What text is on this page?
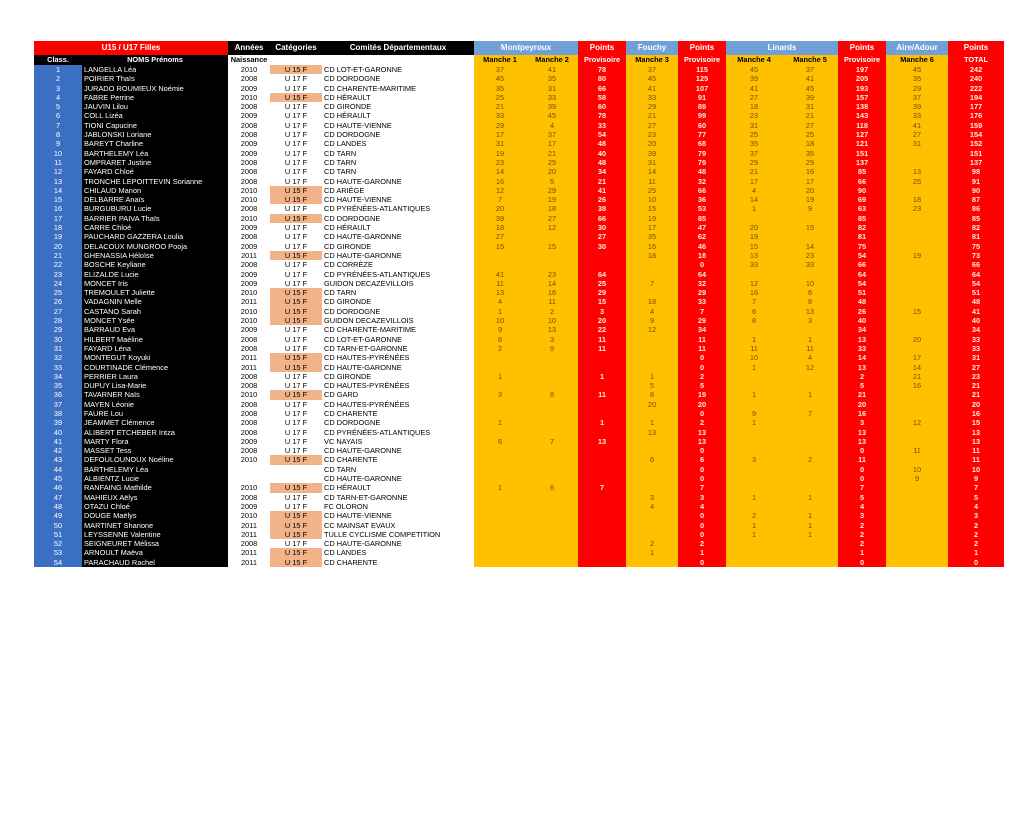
U15 / U17 Filles		Années	Catégories	Comités Départementaux	Montpeyroux		Points	Fouchy	Points	Linards		Points	Aire/Adour	Points
Class.	NOMS Prénoms	Naissance			Manche 1	Manche 2	Provisoire	Manche 3	Provisoire	Manche 4	Manche 5	Provisoire	Manche 6	TOTAL
1	LANGELLA Léa	2010	U 15 F	CD LOT-ET-GARONNE	37	41	78	37	115	45	37	197	45	242
2	POIRIER Thaïs	2008	U 17 F	CD DORDOGNE	45	35	80	45	125	39	41	205	35	240
3	JURADO ROUMIEUX Noémie	2009	U 17 F	CD CHARENTE-MARITIME	35	31	66	41	107	41	45	193	29	222
4	FABRE Perrine	2010	U 15 F	CD HÉRAULT	25	33	58	33	91	27	39	157	37	194
5	JAUVIN Lilou	2008	U 17 F	CD GIRONDE	21	39	60	29	89	18	31	138	39	177
6	COLL Lizéa	2009	U 17 F	CD HÉRAULT	33	45	78	21	99	23	21	143	33	176
7	TIONI Capucine	2008	U 17 F	CD HAUTE-VIENNE	29	4	33	27	60	31	27	118	41	159
8	JABLONSKI Loriane	2008	U 17 F	CD DORDOGNE	17	37	54	23	77	25	25	127	27	154
9	BAREYT Charline	2009	U 17 F	CD LANDES	31	17	48	20	68	35	18	121	31	152
10	BARTHELEMY Léa	2009	U 17 F	CD TARN	19	21	40	39	79	37	35	151		151
11	OMPRARET Justine	2008	U 17 F	CD TARN	23	25	48	31	79	29	29	137		137
12	FAYARD Chloé	2008	U 17 F	CD TARN	14	20	34	14	48	21	16	85	13	98
13	TRONCHE LEPOITTEVIN Sorianne	2008	U 17 F	CD HAUTE-GARONNE	16	5	21	11	32	17	17	66	25	91
14	CHILAUD Manon	2010	U 15 F	CD ARIÈGE	12	29	41	25	66	4	20	90		90
15	DELBARRE Anaïs	2010	U 15 F	CD HAUTE-VIENNE	7	19	26	10	36	14	19	69	18	87
16	BURGUBURU Lucie	2008	U 17 F	CD PYRÉNÉES-ATLANTIQUES	20	18	38	15	53	1	9	63	23	86
17	BARRIER PAIVA Thaïs	2010	U 15 F	CD DORDOGNE	39	27	66	19	85			85		85
18	CARRE Chloé	2009	U 17 F	CD HÉRAULT	18	12	30	17	47	20	15	82		82
19	PAUCHARD GAZZERA Loulia	2008	U 17 F	CD HAUTE-GARONNE	27		27	35	62	19		81		81
20	DELACOUX MUNGROO Pooja	2009	U 17 F	CD GIRONDE	15	15	30	16	46	15	14	75		75
21	GHENASSIA Héloïse	2011	U 15 F	CD HAUTE-GARONNE				18	18	13	23	54	19	73
22	BOSCHE Keyliane	2008	U 17 F	CD CORRÈZE					0	33	33	66		66
23	ELIZALDE Lucie	2009	U 17 F	CD PYRÉNÉES-ATLANTIQUES	41	23	64		64			64		64
24	MONCET Iris	2009	U 17 F	GUIDON DECAZEVILLOIS	11	14	25	7	32	12	10	54		54
25	TREMOULET Juliette	2010	U 15 F	CD TARN	13	16	29		29	16	6	51		51
26	VADAGNIN Melle	2011	U 15 F	CD GIRONDE	4	11	15	18	33	7	8	48		48
27	CASTANO Sarah	2010	U 15 F	CD DORDOGNE	1	2	3	4	7	6	13	26	15	41
28	MONCET Ysée	2010	U 15 F	GUIDON DECAZEVILLOIS	10	10	20	9	29	8	3	40		40
29	BARRAUD Eva	2009	U 17 F	CD CHARENTE-MARITIME	9	13	22	12	34			34		34
30	HILBERT Maéline	2008	U 17 F	CD LOT-ET-GARONNE	8	3	11		11	1	1	13	20	33
31	FAYARD Léna	2008	U 17 F	CD TARN-ET-GARONNE	2	9	11		11	11	11	33		33
32	MONTEGUT Koyuki	2011	U 15 F	CD HAUTES-PYRÉNÉES					0	10	4	14	17	31
33	COURTINADE Clémence	2011	U 15 F	CD HAUTE-GARONNE					0	1	12	13	14	27
34	PERRIER Laura	2008	U 17 F	CD GIRONDE	1		1	1	2			2	21	23
35	DUPUY Lisa-Marie	2008	U 17 F	CD HAUTES-PYRÉNÉES				5	5			5	16	21
36	TAVARNER Naïs	2010	U 15 F	CD GARD	3	8	11	8	19	1	1	21		21
37	MAYEN Léonie	2008	U 17 F	CD HAUTES-PYRÉNÉES				20	20			20		20
38	FAURE Lou	2008	U 17 F	CD CHARENTE					0	9	7	16		16
39	JEAMMET Clémence	2008	U 17 F	CD DORDOGNE	1		1	1	2	1		3	12	15
40	ALIBERT ETCHEBER Intza	2008	U 17 F	CD PYRÉNÉES-ATLANTIQUES				13	13			13		13
41	MARTY Flora	2009	U 17 F	VC NAYAIS	6	7	13		13			13		13
42	MASSET Tess	2008	U 17 F	CD HAUTE-GARONNE					0			0	11	11
43	DEFOULOUNOUX Noéline	2010	U 15 F	CD CHARENTE				6	6	3	2	11		11
44	BARTHELEMY Léa			CD TARN					0			0	10	10
45	ALBIENTZ Lucie			CD HAUTE-GARONNE					0			0	9	9
46	RANFAING Mathilde	2010	U 15 F	CD HÉRAULT	1	6	7		7			7		7
47	MAHIEUX Aëlys	2008	U 17 F	CD TARN-ET-GARONNE				3	3	1	1	5		5
48	OTAZU Chloé	2009	U 17 F	FC OLORON				4	4			4		4
49	DOUGE Maëlys	2010	U 15 F	CD HAUTE-VIENNE					0	2	1	3		3
50	MARTINET Shanone	2011	U 15 F	CC MAINSAT EVAUX					0	1	1	2		2
51	LEYSSENNE Valentine	2011	U 15 F	TULLE CYCLISME COMPETITION					0	1	1	2		2
52	SEIGNEURET Mélissa	2008	U 17 F	CD HAUTE-GARONNE				2	2			2		2
53	ARNOULT Maëva	2011	U 15 F	CD LANDES				1	1			1		1
54	PARACHAUD Rachel	2011	U 15 F	CD CHARENTE					0			0		0
